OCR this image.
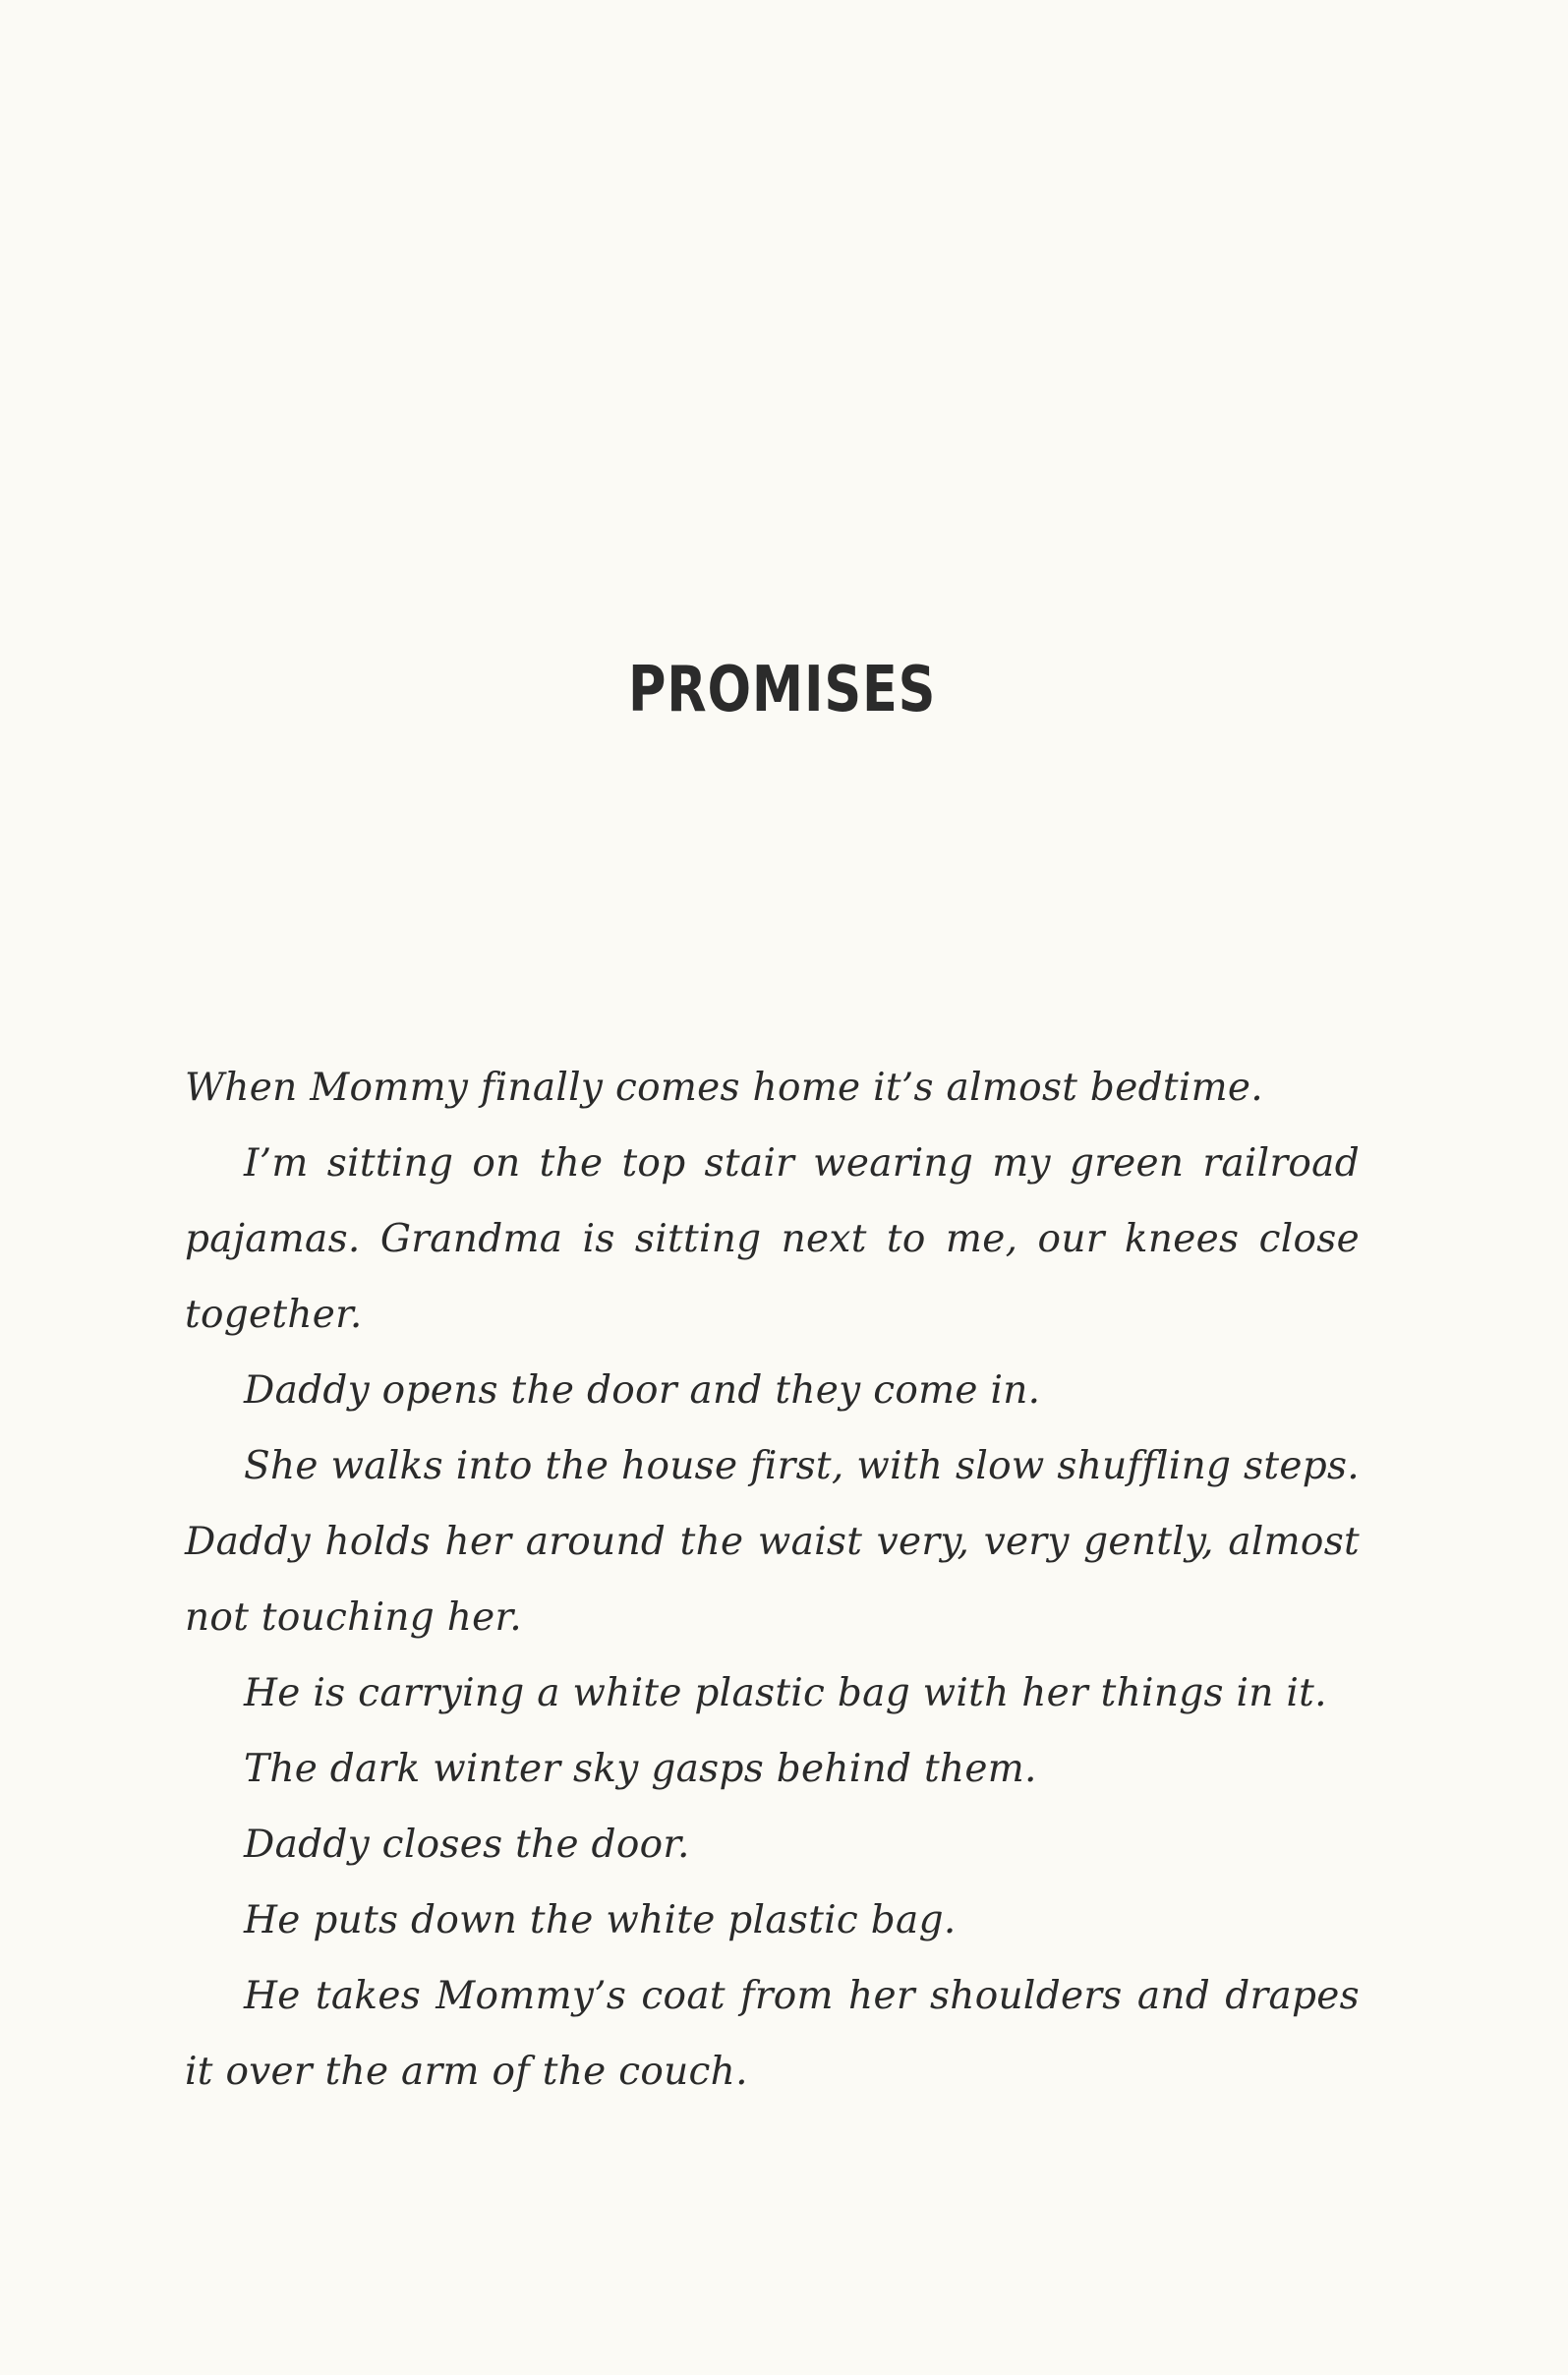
PROMISES

When Mommy finally comes home it’s almost bedtime.

I’m sitting on the top stair wearing my green railroad pajamas. Grandma is sitting next to me, our knees close together.

Daddy opens the door and they come in.

She walks into the house first, with slow shuffling steps. Daddy holds her around the waist very, very gently, almost not touching her.

He is carrying a white plastic bag with her things in it.

The dark winter sky gasps behind them.

Daddy closes the door.

He puts down the white plastic bag.

He takes Mommy’s coat from her shoulders and drapes it over the arm of the couch.
